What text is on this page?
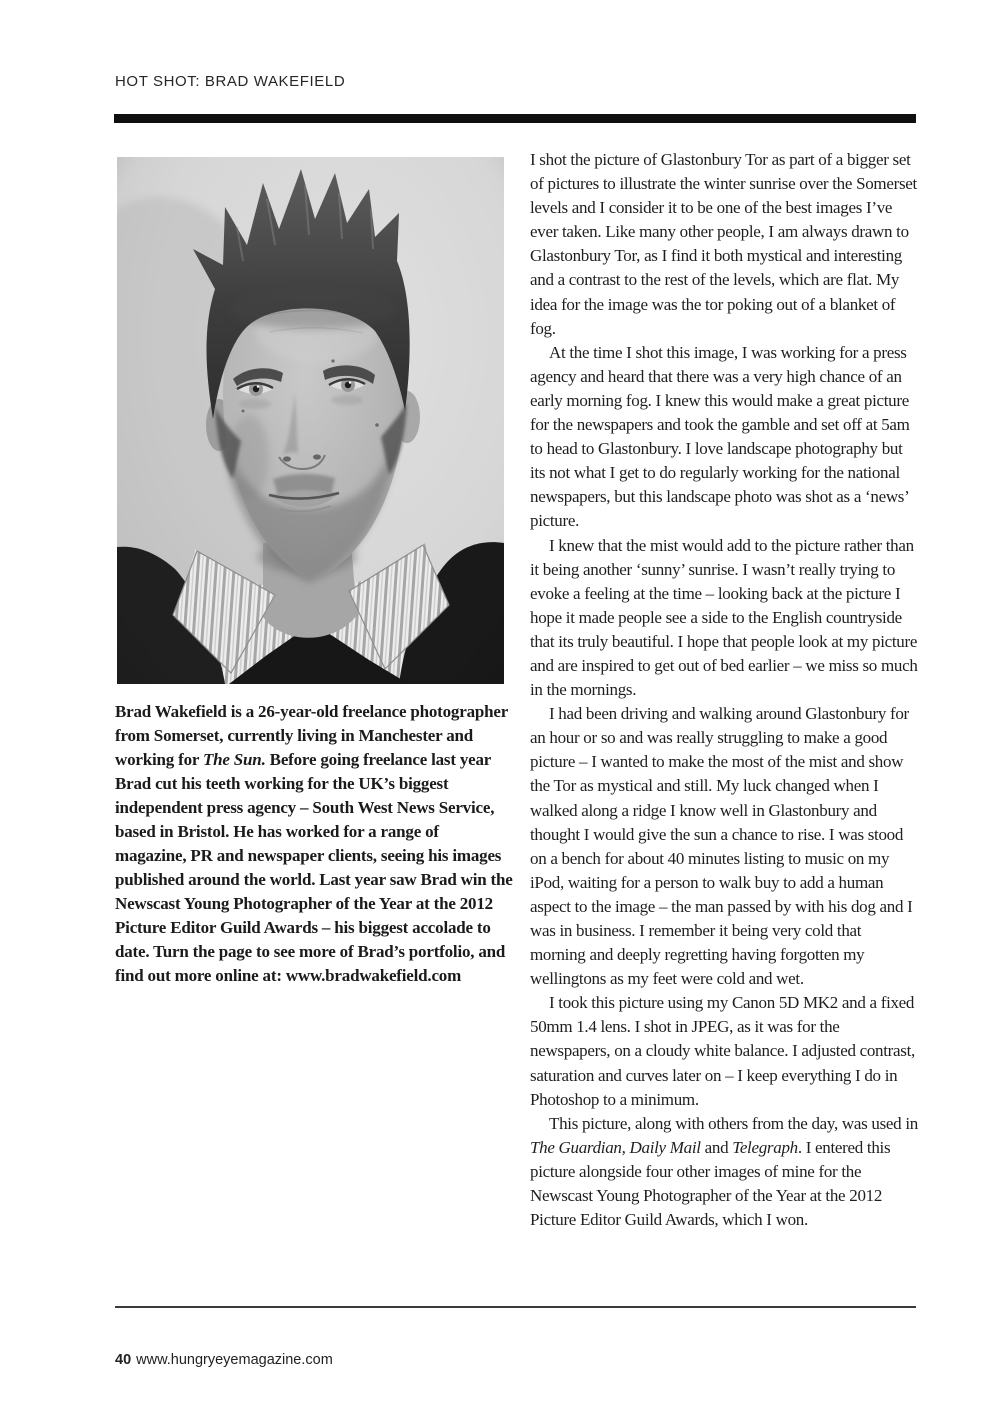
HOT SHOT: BRAD WAKEFIELD

Brad Wakefield is a 26-year-old freelance photographer from Somerset, currently living in Manchester and working for The Sun. Before going freelance last year Brad cut his teeth working for the UK’s biggest independent press agency – South West News Service, based in Bristol. He has worked for a range of magazine, PR and newspaper clients, seeing his images published around the world. Last year saw Brad win the Newscast Young Photographer of the Year at the 2012 Picture Editor Guild Awards – his biggest accolade to date. Turn the page to see more of Brad’s portfolio, and find out more online at: www.bradwakefield.com

I shot the picture of Glastonbury Tor as part of a bigger set of pictures to illustrate the winter sunrise over the Somerset levels and I consider it to be one of the best images I’ve ever taken. Like many other people, I am always drawn to Glastonbury Tor, as I find it both mystical and interesting and a contrast to the rest of the levels, which are flat. My idea for the image was the tor poking out of a blanket of fog.

At the time I shot this image, I was working for a press agency and heard that there was a very high chance of an early morning fog. I knew this would make a great picture for the newspapers and took the gamble and set off at 5am to head to Glastonbury. I love landscape photography but its not what I get to do regularly working for the national newspapers, but this landscape photo was shot as a ‘news’ picture.

I knew that the mist would add to the picture rather than it being another ‘sunny’ sunrise. I wasn’t really trying to evoke a feeling at the time – looking back at the picture I hope it made people see a side to the English countryside that its truly beautiful. I hope that people look at my picture and are inspired to get out of bed earlier – we miss so much in the mornings.

I had been driving and walking around Glastonbury for an hour or so and was really struggling to make a good picture – I wanted to make the most of the mist and show the Tor as mystical and still. My luck changed when I walked along a ridge I know well in Glastonbury and thought I would give the sun a chance to rise. I was stood on a bench for about 40 minutes listing to music on my iPod, waiting for a person to walk buy to add a human aspect to the image – the man passed by with his dog and I was in business. I remember it being very cold that morning and deeply regretting having forgotten my wellingtons as my feet were cold and wet.

I took this picture using my Canon 5D MK2 and a fixed 50mm 1.4 lens. I shot in JPEG, as it was for the newspapers, on a cloudy white balance. I adjusted contrast, saturation and curves later on – I keep everything I do in Photoshop to a minimum.

This picture, along with others from the day, was used in The Guardian, Daily Mail and Telegraph. I entered this picture alongside four other images of mine for the Newscast Young Photographer of the Year at the 2012 Picture Editor Guild Awards, which I won.

40 www.hungryeyemagazine.com
